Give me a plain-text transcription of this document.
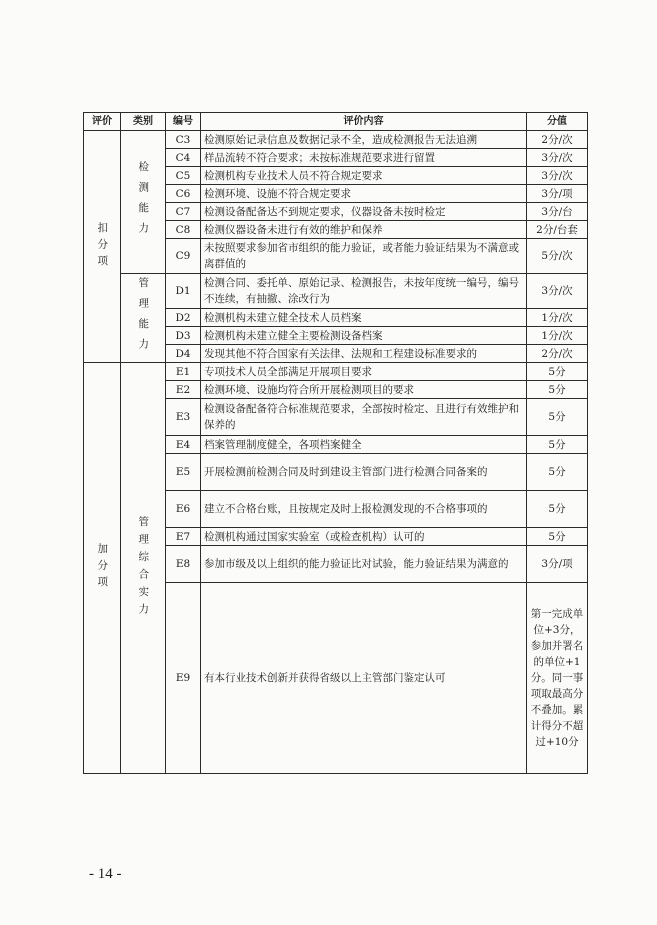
评价	类别	编号	评价内容	分值

扣分项	检测能力	C3	检测原始记录信息及数据记录不全，造成检测报告无法追溯	2分/次
		C4	样品流转不符合要求；未按标准规范要求进行留置	3分/次
		C5	检测机构专业技术人员不符合规定要求	3分/次
		C6	检测环境、设施不符合规定要求	3分/项
		C7	检测设备配备达不到规定要求，仪器设备未按时检定	3分/台
		C8	检测仪器设备未进行有效的维护和保养	2分/台套
		C9	未按照要求参加省市组织的能力验证，或者能力验证结果为不满意或离群值的	5分/次

	管理能力	D1	检测合同、委托单、原始记录、检测报告，未按年度统一编号，编号不连续，有抽撤、涂改行为	3分/次
		D2	检测机构未建立健全技术人员档案	1分/次
		D3	检测机构未建立健全主要检测设备档案	1分/次
		D4	发现其他不符合国家有关法律、法规和工程建设标准要求的	2分/次

加分项	管理综合实力	E1	专项技术人员全部满足开展项目要求	5分
		E2	检测环境、设施均符合所开展检测项目的要求	5分
		E3	检测设备配备符合标准规范要求，全部按时检定、且进行有效维护和保养的	5分
		E4	档案管理制度健全，各项档案健全	5分
		E5	开展检测前检测合同及时到建设主管部门进行检测合同备案的	5分
		E6	建立不合格台账，且按规定及时上报检测发现的不合格事项的	5分
		E7	检测机构通过国家实验室（或检查机构）认可的	5分
		E8	参加市级及以上组织的能力验证比对试验，能力验证结果为满意的	3分/项
		E9	有本行业技术创新并获得省级以上主管部门鉴定认可	第一完成单位+3分，参加并署名的单位+1分。同一事项取最高分不叠加。累计得分不超过+10分
- 14 -
